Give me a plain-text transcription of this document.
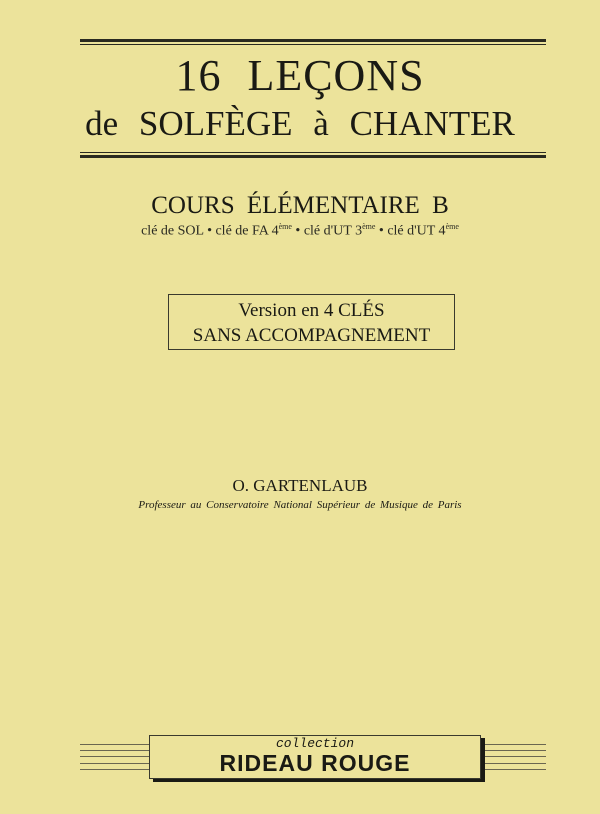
16 LEÇONS
de SOLFÈGE à CHANTER
COURS ÉLÉMENTAIRE B
clé de SOL • clé de FA 4ème • clé d'UT 3ème • clé d'UT 4ème
Version en 4 CLÉS
SANS ACCOMPAGNEMENT
O. GARTENLAUB
Professeur au Conservatoire National Supérieur de Musique de Paris
collection
RIDEAU ROUGE
